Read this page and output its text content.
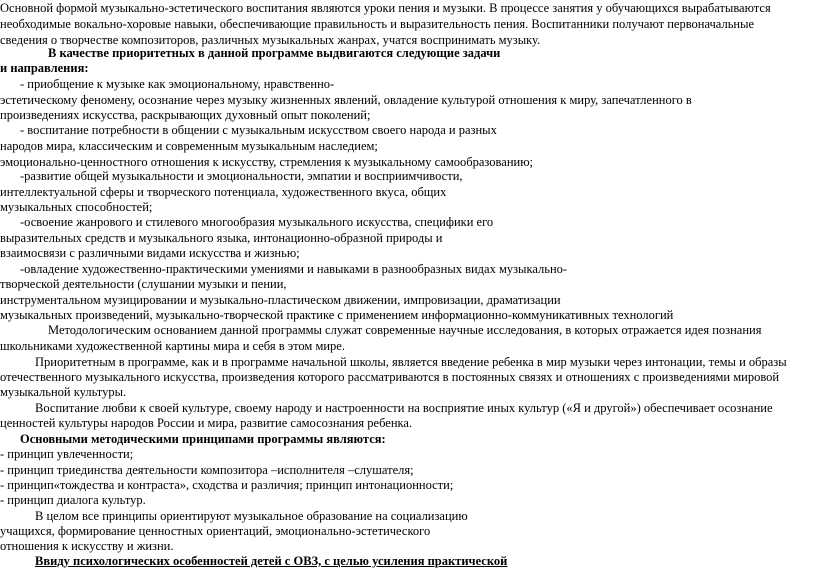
Основной формой музыкально-эстетического воспитания являются уроки пения и музыки. В процессе занятия у обучающихся вырабатываются
необходимые вокально-хоровые навыки, обеспечивающие правильность и выразительность пения. Воспитанники получают первоначальные
сведения о творчестве композиторов, различных музыкальных жанрах, учатся воспринимать музыку.
В качестве приоритетных в данной программе выдвигаются следующие задачи
и направления:
- приобщение к музыке как эмоциональному, нравственно-
эстетическому феномену, осознание через музыку жизненных явлений, овладение культурой отношения к миру, запечатленного в
произведениях искусства, раскрывающих духовный опыт поколений;
- воспитание потребности в общении с музыкальным искусством своего народа и разных
народов мира, классическим и современным музыкальным наследием;
эмоционально-ценностного отношения к искусству, стремления к музыкальному самообразованию;
-развитие общей музыкальности и эмоциональности, эмпатии и восприимчивости,
интеллектуальной сферы и творческого потенциала, художественного вкуса, общих
музыкальных способностей;
-освоение жанрового и стилевого многообразия музыкального искусства, специфики его
выразительных средств и музыкального языка, интонационно-образной природы и
взаимосвязи с различными видами искусства и жизнью;
-овладение художественно-практическими умениями и навыками в разнообразных видах музыкально-
творческой деятельности (слушании музыки и пении,
инструментальном музицировании и музыкально-пластическом движении, импровизации, драматизации
музыкальных произведений, музыкально-творческой практике с применением информационно-коммуникативных технологий
Методологическим основанием данной программы служат современные научные исследования, в которых отражается идея познания
школьниками художественной картины мира и себя в этом мире.
Приоритетным в программе, как и в программе начальной школы, является введение ребенка в мир музыки через интонации, темы и образы
отечественного музыкального искусства, произведения которого рассматриваются в постоянных связях и отношениях с произведениями мировой
музыкальной культуры.
Воспитание любви к своей культуре, своему народу и настроенности на восприятие иных культур («Я и другой») обеспечивает осознание
ценностей культуры народов России и мира, развитие самосознания ребенка.
Основными методическими принципами программы являются:
- принцип увлеченности;
- принцип триединства деятельности композитора –исполнителя –слушателя;
- принцип«тождества и контраста», сходства и различия; принцип интонационности;
- принцип диалога культур.
В целом все принципы ориентируют музыкальное образование на социализацию
учащихся, формирование ценностных ориентаций, эмоционально-эстетического
отношения к искусству и жизни.
Ввиду психологических особенностей детей с ОВЗ, с целью усиления практической
